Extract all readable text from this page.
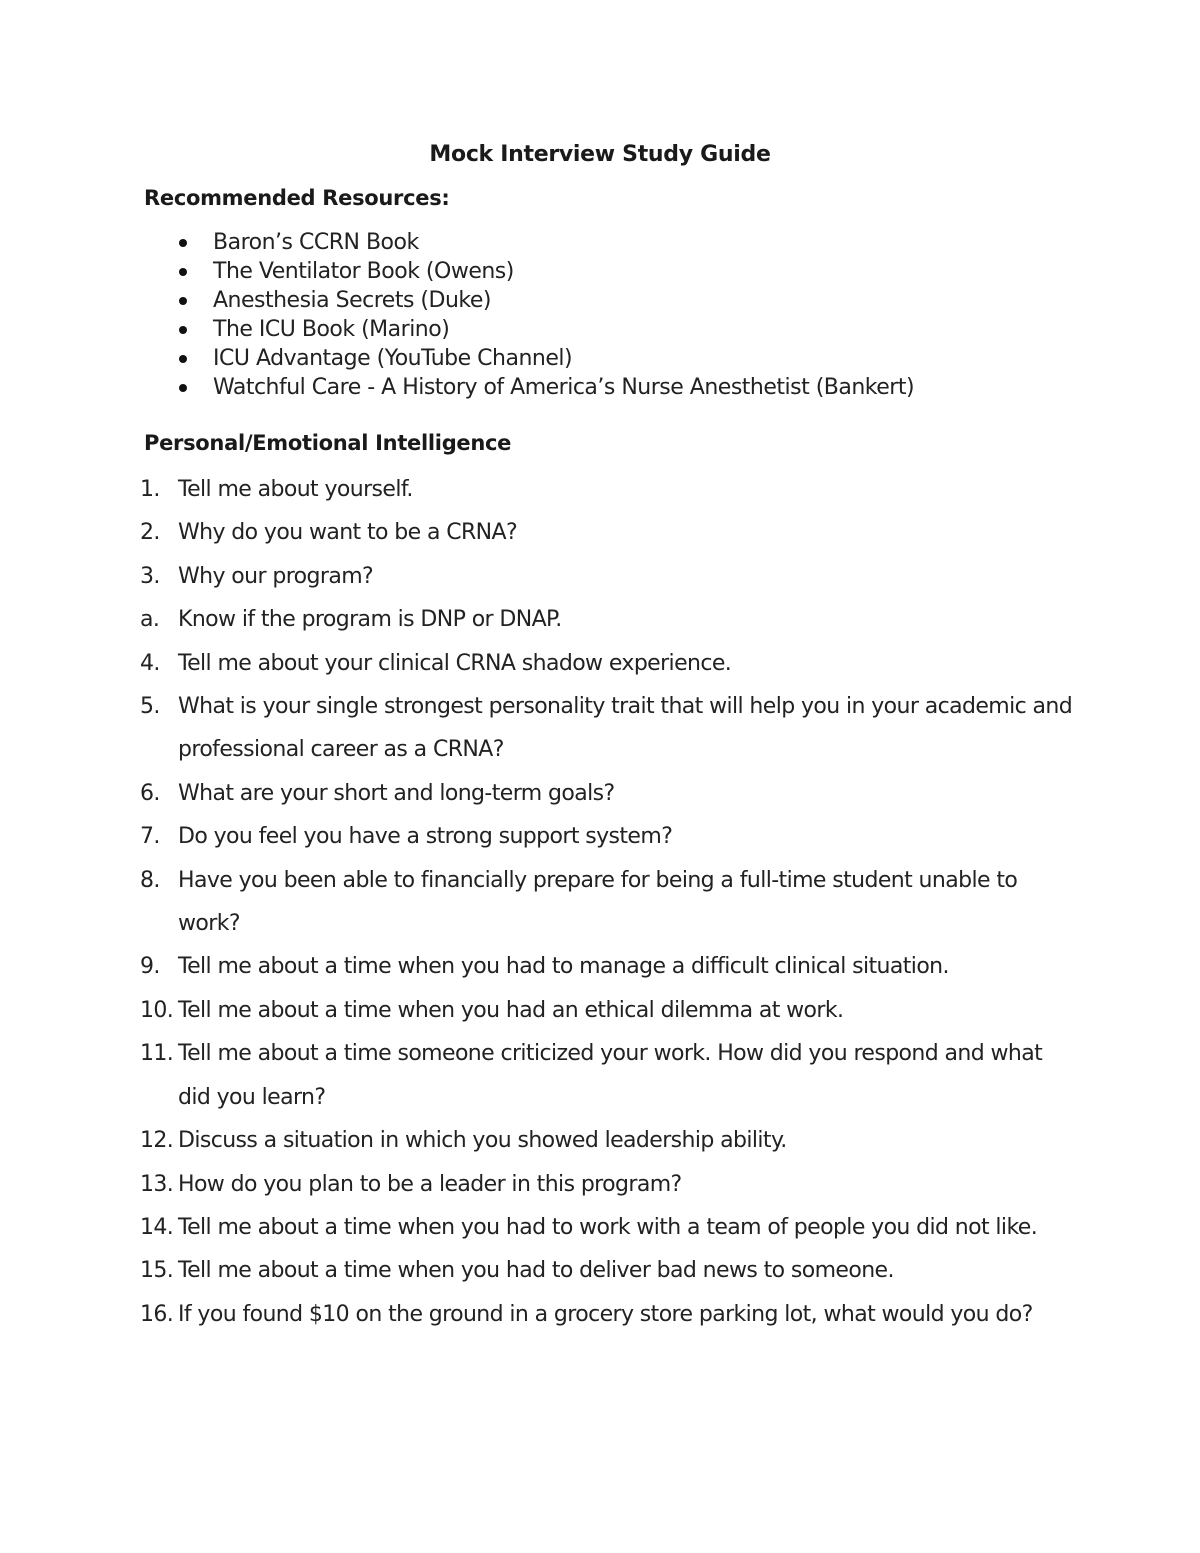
Mock Interview Study Guide
Recommended Resources:
Baron’s CCRN Book
The Ventilator Book (Owens)
Anesthesia Secrets (Duke)
The ICU Book (Marino)
ICU Advantage (YouTube Channel)
Watchful Care - A History of America’s Nurse Anesthetist (Bankert)
Personal/Emotional Intelligence
1. Tell me about yourself.
2. Why do you want to be a CRNA?
3. Why our program?
a. Know if the program is DNP or DNAP.
4. Tell me about your clinical CRNA shadow experience.
5. What is your single strongest personality trait that will help you in your academic and professional career as a CRNA?
6. What are your short and long-term goals?
7. Do you feel you have a strong support system?
8. Have you been able to financially prepare for being a full-time student unable to work?
9. Tell me about a time when you had to manage a difficult clinical situation.
10. Tell me about a time when you had an ethical dilemma at work.
11. Tell me about a time someone criticized your work. How did you respond and what did you learn?
12. Discuss a situation in which you showed leadership ability.
13. How do you plan to be a leader in this program?
14. Tell me about a time when you had to work with a team of people you did not like.
15. Tell me about a time when you had to deliver bad news to someone.
16. If you found $10 on the ground in a grocery store parking lot, what would you do?
